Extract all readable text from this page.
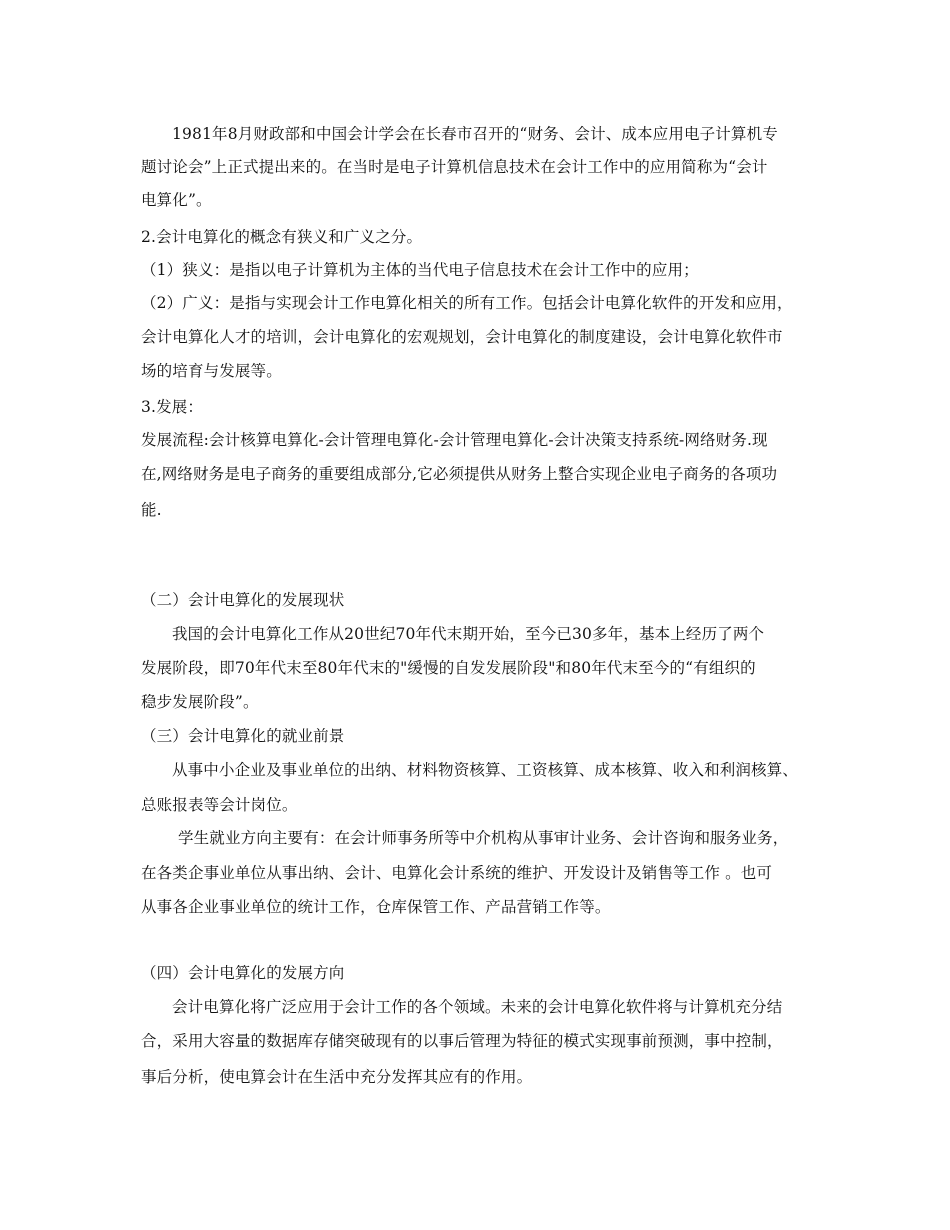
1981年8月财政部和中国会计学会在长春市召开的“财务、会计、成本应用电子计算机专
题讨论会”上正式提出来的。在当时是电子计算机信息技术在会计工作中的应用简称为“会计
电算化”。
2.会计电算化的概念有狭义和广义之分。
（1）狭义：是指以电子计算机为主体的当代电子信息技术在会计工作中的应用；
（2）广义：是指与实现会计工作电算化相关的所有工作。包括会计电算化软件的开发和应用，
会计电算化人才的培训，会计电算化的宏观规划，会计电算化的制度建设，会计电算化软件市
场的培育与发展等。
3.发展：
发展流程:会计核算电算化-会计管理电算化-会计管理电算化-会计决策支持系统-网络财务.现
在,网络财务是电子商务的重要组成部分,它必须提供从财务上整合实现企业电子商务的各项功
能.
（二）会计电算化的发展现状
我国的会计电算化工作从20世纪70年代末期开始，至今已30多年，基本上经历了两个
发展阶段，即70年代末至80年代末的"缓慢的自发发展阶段"和80年代末至今的“有组织的
稳步发展阶段”。
（三）会计电算化的就业前景
从事中小企业及事业单位的出纳、材料物资核算、工资核算、成本核算、收入和利润核算、
总账报表等会计岗位。
学生就业方向主要有：在会计师事务所等中介机构从事审计业务、会计咨询和服务业务，
在各类企事业单位从事出纳、会计、电算化会计系统的维护、开发设计及销售等工作 。也可
从事各企业事业单位的统计工作，仓库保管工作、产品营销工作等。
（四）会计电算化的发展方向
会计电算化将广泛应用于会计工作的各个领域。未来的会计电算化软件将与计算机充分结
合，采用大容量的数据库存储突破现有的以事后管理为特征的模式实现事前预测，事中控制，
事后分析，使电算会计在生活中充分发挥其应有的作用。
